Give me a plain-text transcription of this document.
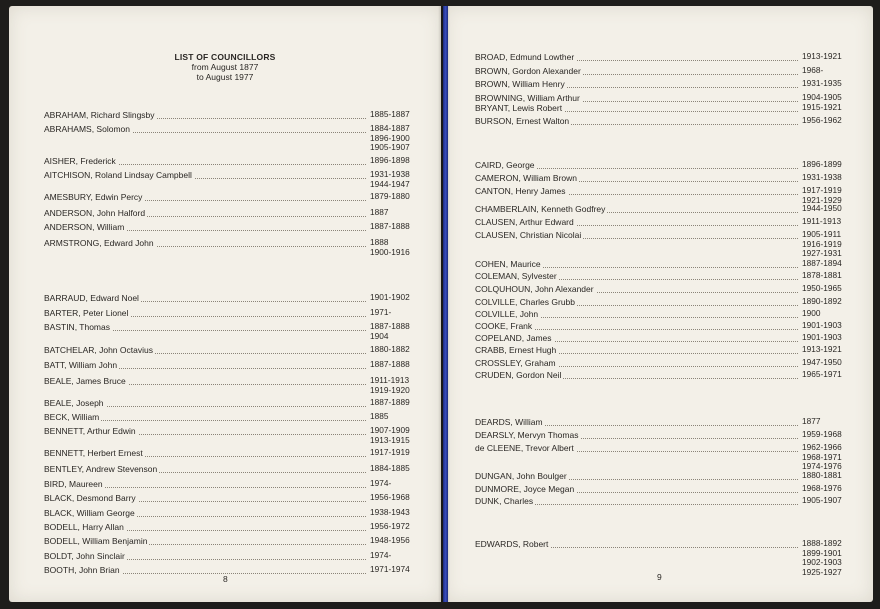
LIST OF COUNCILLORS
from August 1877
to August 1977
ABRAHAM, Richard Slingsby	1885-1887
ABRAHAMS, Solomon	1884-1887
1896-1900
1905-1907
AISHER, Frederick	1896-1898
AITCHISON, Roland Lindsay Campbell	1931-1938
1944-1947
AMESBURY, Edwin Percy	1879-1880
ANDERSON, John Halford	1887
ANDERSON, William	1887-1888
ARMSTRONG, Edward John	1888
1900-1916
BARRAUD, Edward Noel	1901-1902
BARTER, Peter Lionel	1971-
BASTIN, Thomas	1887-1888
1904
BATCHELAR, John Octavius	1880-1882
BATT, William John	1887-1888
BEALE, James Bruce	1911-1913
1919-1920
BEALE, Joseph	1887-1889
BECK, William	1885
BENNETT, Arthur Edwin	1907-1909
1913-1915
BENNETT, Herbert Ernest	1917-1919
BENTLEY, Andrew Stevenson	1884-1885
BIRD, Maureen	1974-
BLACK, Desmond Barry	1956-1968
BLACK, William George	1938-1943
BODELL, Harry Allan	1956-1972
BODELL, William Benjamin	1948-1956
BOLDT, John Sinclair	1974-
BOOTH, John Brian	1971-1974
8
BROAD, Edmund Lowther	1913-1921
BROWN, Gordon Alexander	1968-
BROWN, William Henry	1931-1935
BROWNING, William Arthur	1904-1905
BRYANT, Lewis Robert	1915-1921
BURSON, Ernest Walton	1956-1962
CAIRD, George	1896-1899
CAMERON, William Brown	1931-1938
CANTON, Henry James	1917-1919
1921-1929
CHAMBERLAIN, Kenneth Godfrey	1944-1950
CLAUSEN, Arthur Edward	1911-1913
CLAUSEN, Christian Nicolai	1905-1911
1916-1919
1927-1931
COHEN, Maurice	1887-1894
COLEMAN, Sylvester	1878-1881
COLQUHOUN, John Alexander	1950-1965
COLVILLE, Charles Grubb	1890-1892
COLVILLE, John	1900
COOKE, Frank	1901-1903
COPELAND, James	1901-1903
CRABB, Ernest Hugh	1913-1921
CROSSLEY, Graham	1947-1950
CRUDEN, Gordon Neil	1965-1971
DEARDS, William	1877
DEARSLY, Mervyn Thomas	1959-1968
de CLEENE, Trevor Albert	1962-1966
1968-1971
1974-1976
DUNGAN, John Boulger	1880-1881
DUNMORE, Joyce Megan	1968-1976
DUNK, Charles	1905-1907
EDWARDS, Robert	1888-1892
1899-1901
1902-1903
1925-1927
9
